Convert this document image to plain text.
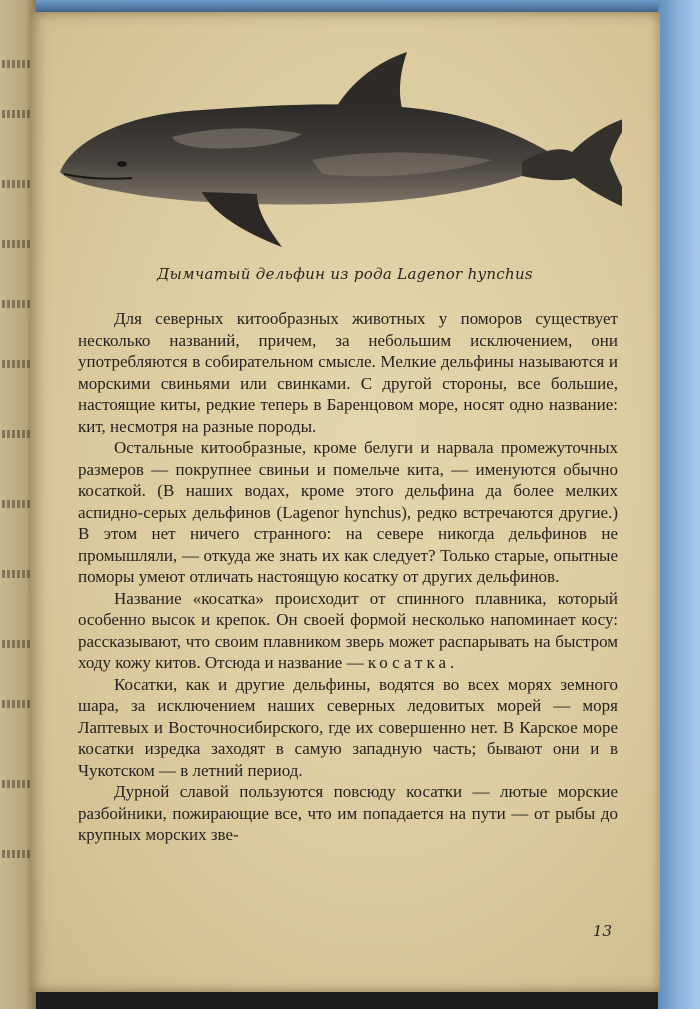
Дымчатый дельфин из рода Lagenor hynchus

Для северных китообразных животных у поморов существует несколько названий, причем, за небольшим исключением, они употребляются в собирательном смысле. Мелкие дельфины называются и морскими свиньями или свинками. С другой стороны, все большие, настоящие киты, редкие теперь в Баренцовом море, носят одно название: кит, несмотря на разные породы.

Остальные китообразные, кроме белуги и нарвала промежуточных размеров — покрупнее свиньи и помельче кита, — именуются обычно косаткой. (В наших водах, кроме этого дельфина да более мелких аспидно-серых дельфинов (Lagenor hynchus), редко встречаются другие.) В этом нет ничего странного: на севере никогда дельфинов не промышляли, — откуда же знать их как следует? Только старые, опытные поморы умеют отличать настоящую косатку от других дельфинов.

Название «косатка» происходит от спинного плавника, который особенно высок и крепок. Он своей формой несколько напоминает косу: рассказывают, что своим плавником зверь может распарывать на быстром ходу кожу китов. Отсюда и название — косатка.

Косатки, как и другие дельфины, водятся во всех морях земного шара, за исключением наших северных ледовитых морей — моря Лаптевых и Восточносибирского, где их совершенно нет. В Карское море косатки изредка заходят в самую западную часть; бывают они и в Чукотском — в летний период.

Дурной славой пользуются повсюду косатки — лютые морские разбойники, пожирающие все, что им попадается на пути — от рыбы до крупных морских зве-

13
